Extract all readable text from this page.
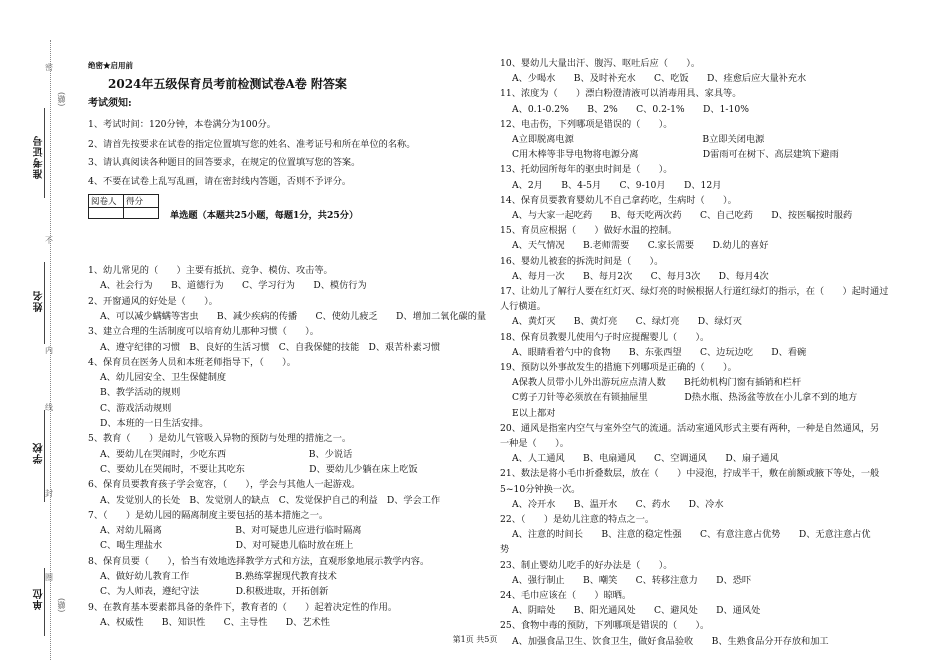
准考证号
姓名
学校
单位
密
不
内
线
封
圈
(赣)
(赣)
绝密★启用前
2024年五级保育员考前检测试卷A卷 附答案
考试须知:
1、考试时间：120分钟，本卷满分为100分。
2、请首先按要求在试卷的指定位置填写您的姓名、准考证号和所在单位的名称。
3、请认真阅读各种题目的回答要求，在规定的位置填写您的答案。
4、不要在试卷上乱写乱画，请在密封线内答题，否则不予评分。
阅卷人	得分

单选题（本题共25小题，每题1分，共25分）
1、幼儿常见的（　　）主要有抵抗、竞争、模仿、攻击等。
A、社会行为　　B、道德行为　　C、学习行为　　D、模仿行为
2、开窗通风的好处是（　　）。
A、可以减少螨螨等害虫　　B、减少疾病的传播　　C、使幼儿疲乏　　D、增加二氧化碳的量
3、建立合理的生活制度可以培育幼儿那种习惯（　　）。
A、遵守纪律的习惯　B、良好的生活习惯　C、自我保健的技能　D、艰苦朴素习惯
4、保育员在医务人员和本班老师指导下，（　　）。
A、幼儿园安全、卫生保健制度
B、教学活动的规则
C、游戏活动规则
D、本班的一日生活安排。
5、教育（　　）是幼儿气管吸入异物的预防与处理的措施之一。
A、要幼儿在哭闹时，少吃东西　　　　　　　　　B、少说话
C、要幼儿在哭闹时，不要让其吃东　　　　　　　D、要幼儿少躺在床上吃饭
6、保育员要教育孩子学会宽容，（　　），学会与其他人一起游戏。
A、发觉别人的长处　B、发觉别人的缺点　C、发觉保护自己的利益　D、学会工作
7、（　　）是幼儿园的隔离制度主要包括的基本措施之一。
A、对幼儿隔离　　　　　　　　B、对可疑患儿应进行临时隔离
C、喝生理盐水　　　　　　　　D、对可疑患儿临时放在班上
8、保育员要（　　），恰当有效地选择教学方式和方法，直观形象地展示教学内容。
A、做好幼儿教育工作　　　　　B.熟练掌握现代教育技术
C、为人师表，遵纪守法　　　　D.积极进取，开拓创新
9、在教育基本要素都具备的条件下，教育者的（　　）起着决定性的作用。
A、权威性　　B、知识性　　C、主导性　　D、艺术性
10、婴幼儿大量出汗、腹泻、呕吐后应（　　）。
A、少喝水　　B、及时补充水　　C、吃饭　　D、痊愈后应大量补充水
11、浓度为（　　）漂白粉澄清液可以消毒用具、家具等。
A、0.1-0.2%　　B、2%　　C、0.2-1%　　D、1-10%
12、电击伤，下列哪项是错误的（　　）。
A立即脱离电源　　　　　　　　　　　　　　B立即关闭电源
C用木棒等非导电物将电源分离　　　　　　　D雷雨可在树下、高层建筑下避雨
13、托幼园所每年的驱虫时间是（　　）。
A、2月　　B、4-5月　　C、9-10月　　D、12月
14、保育员要教育婴幼儿不自己拿药吃，生病时（　　）。
A、与大家一起吃药　　B、每天吃两次药　　C、自己吃药　　D、按医嘱按时服药
15、育员应根据（　　）做好水温的控制。
A、天气情况　　B.老师需要　　C.家长需要　　D.幼儿的喜好
16、婴幼儿被套的拆洗时间是（　　）。
A、每月一次　　B、每月2次　　C、每月3次　　D、每月4次
17、让幼儿了解行人要在红灯灭、绿灯亮的时候根据人行道红绿灯的指示，在（　　）起时通过
人行横道。
A、黄灯灭　　B、黄灯亮　　C、绿灯亮　　D、绿灯灭
18、保育员教婴儿使用勺子时应提醒婴儿（　　）。
A、眼睛看着勺中的食物　　B、东张西望　　C、边玩边吃　　D、看碗
19、预防以外事故发生的措施下列哪项是正确的（　　）。
A保教人员带小儿外出游玩应点清人数　　B托幼机构门窗有插销和栏杆
C剪子刀针等必须放在有锁抽屉里　　　　D热水瓶、热汤盆等放在小儿拿不到的地方
E以上都对
20、通风是指室内空气与室外空气的流通。活动室通风形式主要有两种，一种是自然通风，另
一种是（　　）。
A、人工通风　　B、电扇通风　　C、空调通风　　D、扇子通风
21、数法是将小毛巾折叠数层，放在（　　）中浸泡，拧成半干，敷在前额或腋下等处，一般
5~10分钟换一次。
A、冷开水　　B、温开水　　C、药水　　D、冷水
22、（　　）是幼儿注意的特点之一。
A、注意的时间长　　B、注意的稳定性强　　C、有意注意占优势　　D、无意注意占优
势
23、制止婴幼儿吃手的好办法是（　　）。
A、强行制止　　B、嘲笑　　C、转移注意力　　D、恐吓
24、毛巾应该在（　　）晾晒。
A、阴暗处　　B、阳光通风处　　C、避风处　　D、通风处
25、食物中毒的预防，下列哪项是错误的（　　）。
A、加强食品卫生、饮食卫生，做好食品验收　　B、生熟食品分开存放和加工
第1页 共5页
